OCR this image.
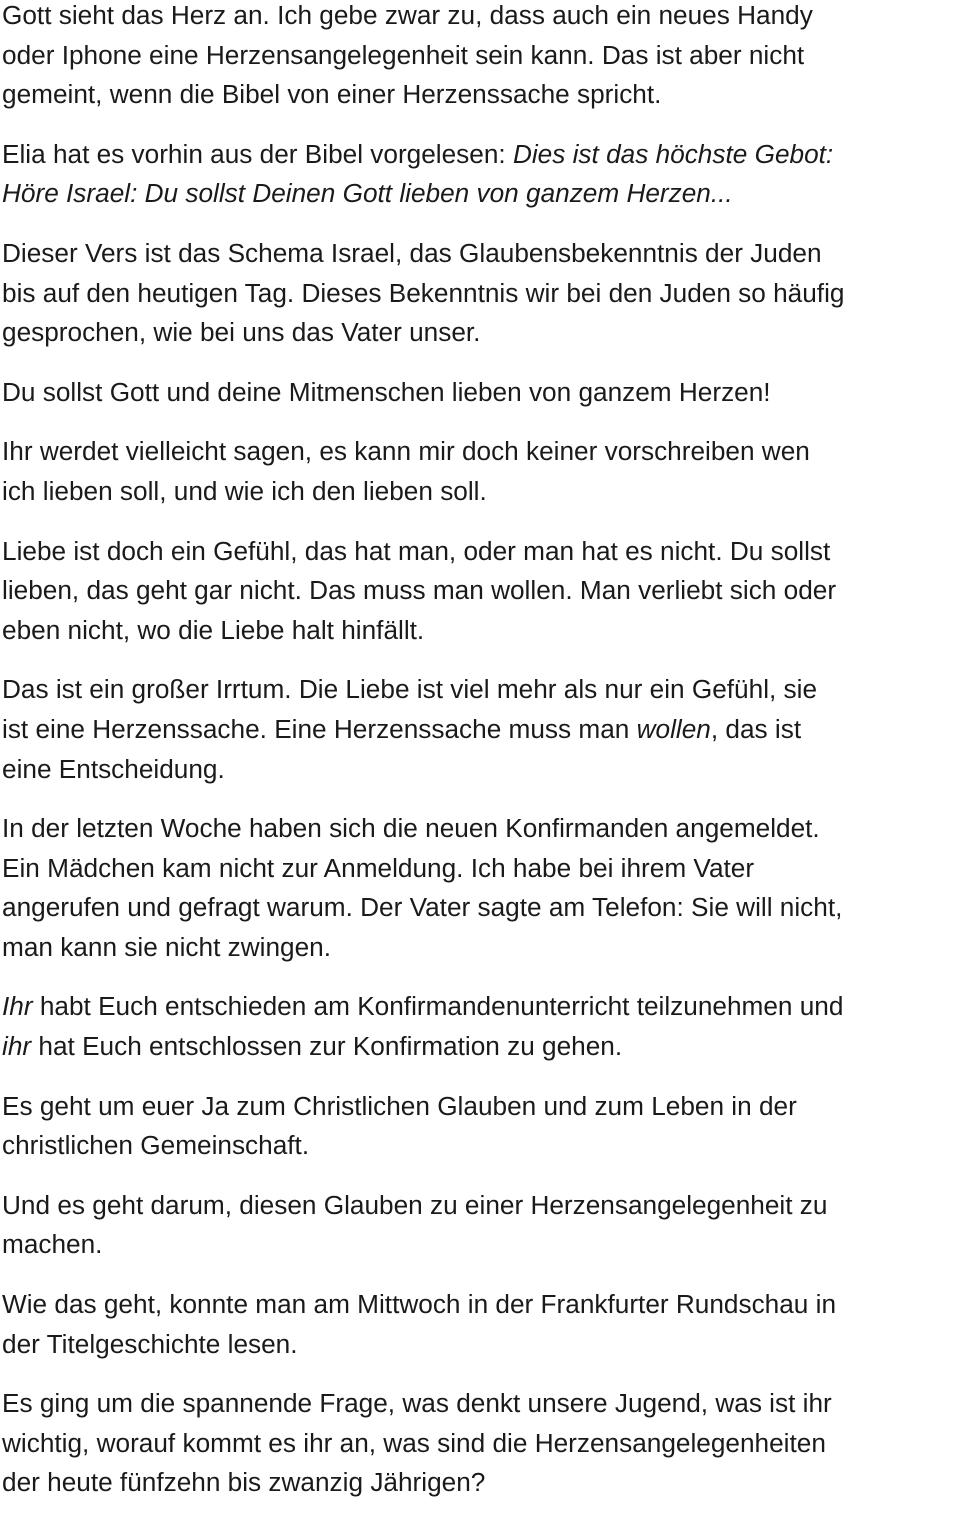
Gott sieht das Herz an. Ich gebe zwar zu, dass auch ein neues Handy
oder Iphone eine Herzensangelegenheit sein kann. Das ist aber nicht
gemeint, wenn die Bibel von einer Herzenssache spricht.

Elia hat es vorhin aus der Bibel vorgelesen: Dies ist das höchste Gebot:
Höre Israel: Du sollst Deinen Gott lieben von ganzem Herzen...

Dieser Vers ist das Schema Israel, das Glaubensbekenntnis der Juden
bis auf den heutigen Tag. Dieses Bekenntnis wir bei den Juden so häufig
gesprochen, wie bei uns das Vater unser.

Du sollst Gott und deine Mitmenschen lieben von ganzem Herzen!

Ihr werdet vielleicht sagen, es kann mir doch keiner vorschreiben wen
ich lieben soll, und wie ich den lieben soll.

Liebe ist doch ein Gefühl, das hat man, oder man hat es nicht. Du sollst
lieben, das geht gar nicht. Das muss man wollen. Man verliebt sich oder
eben nicht, wo die Liebe halt hinfällt.

Das ist ein großer Irrtum. Die Liebe ist viel mehr als nur ein Gefühl, sie
ist eine Herzenssache. Eine Herzenssache muss man wollen, das ist
eine Entscheidung.

In der letzten Woche haben sich die neuen Konfirmanden angemeldet.
Ein Mädchen kam nicht zur Anmeldung. Ich habe bei ihrem Vater
angerufen und gefragt warum. Der Vater sagte am Telefon: Sie will nicht,
man kann sie nicht zwingen.

Ihr habt Euch entschieden am Konfirmandenunterricht teilzunehmen und
ihr hat Euch entschlossen zur Konfirmation zu gehen.

Es geht um euer Ja zum Christlichen Glauben und zum Leben in der
christlichen Gemeinschaft.

Und es geht darum, diesen Glauben zu einer Herzensangelegenheit zu
machen.

Wie das geht, konnte man am Mittwoch in der Frankfurter Rundschau in
der Titelgeschichte lesen.

Es ging um die spannende Frage, was denkt unsere Jugend, was ist ihr
wichtig, worauf kommt es ihr an, was sind die Herzensangelegenheiten
der heute fünfzehn bis zwanzig Jährigen?
